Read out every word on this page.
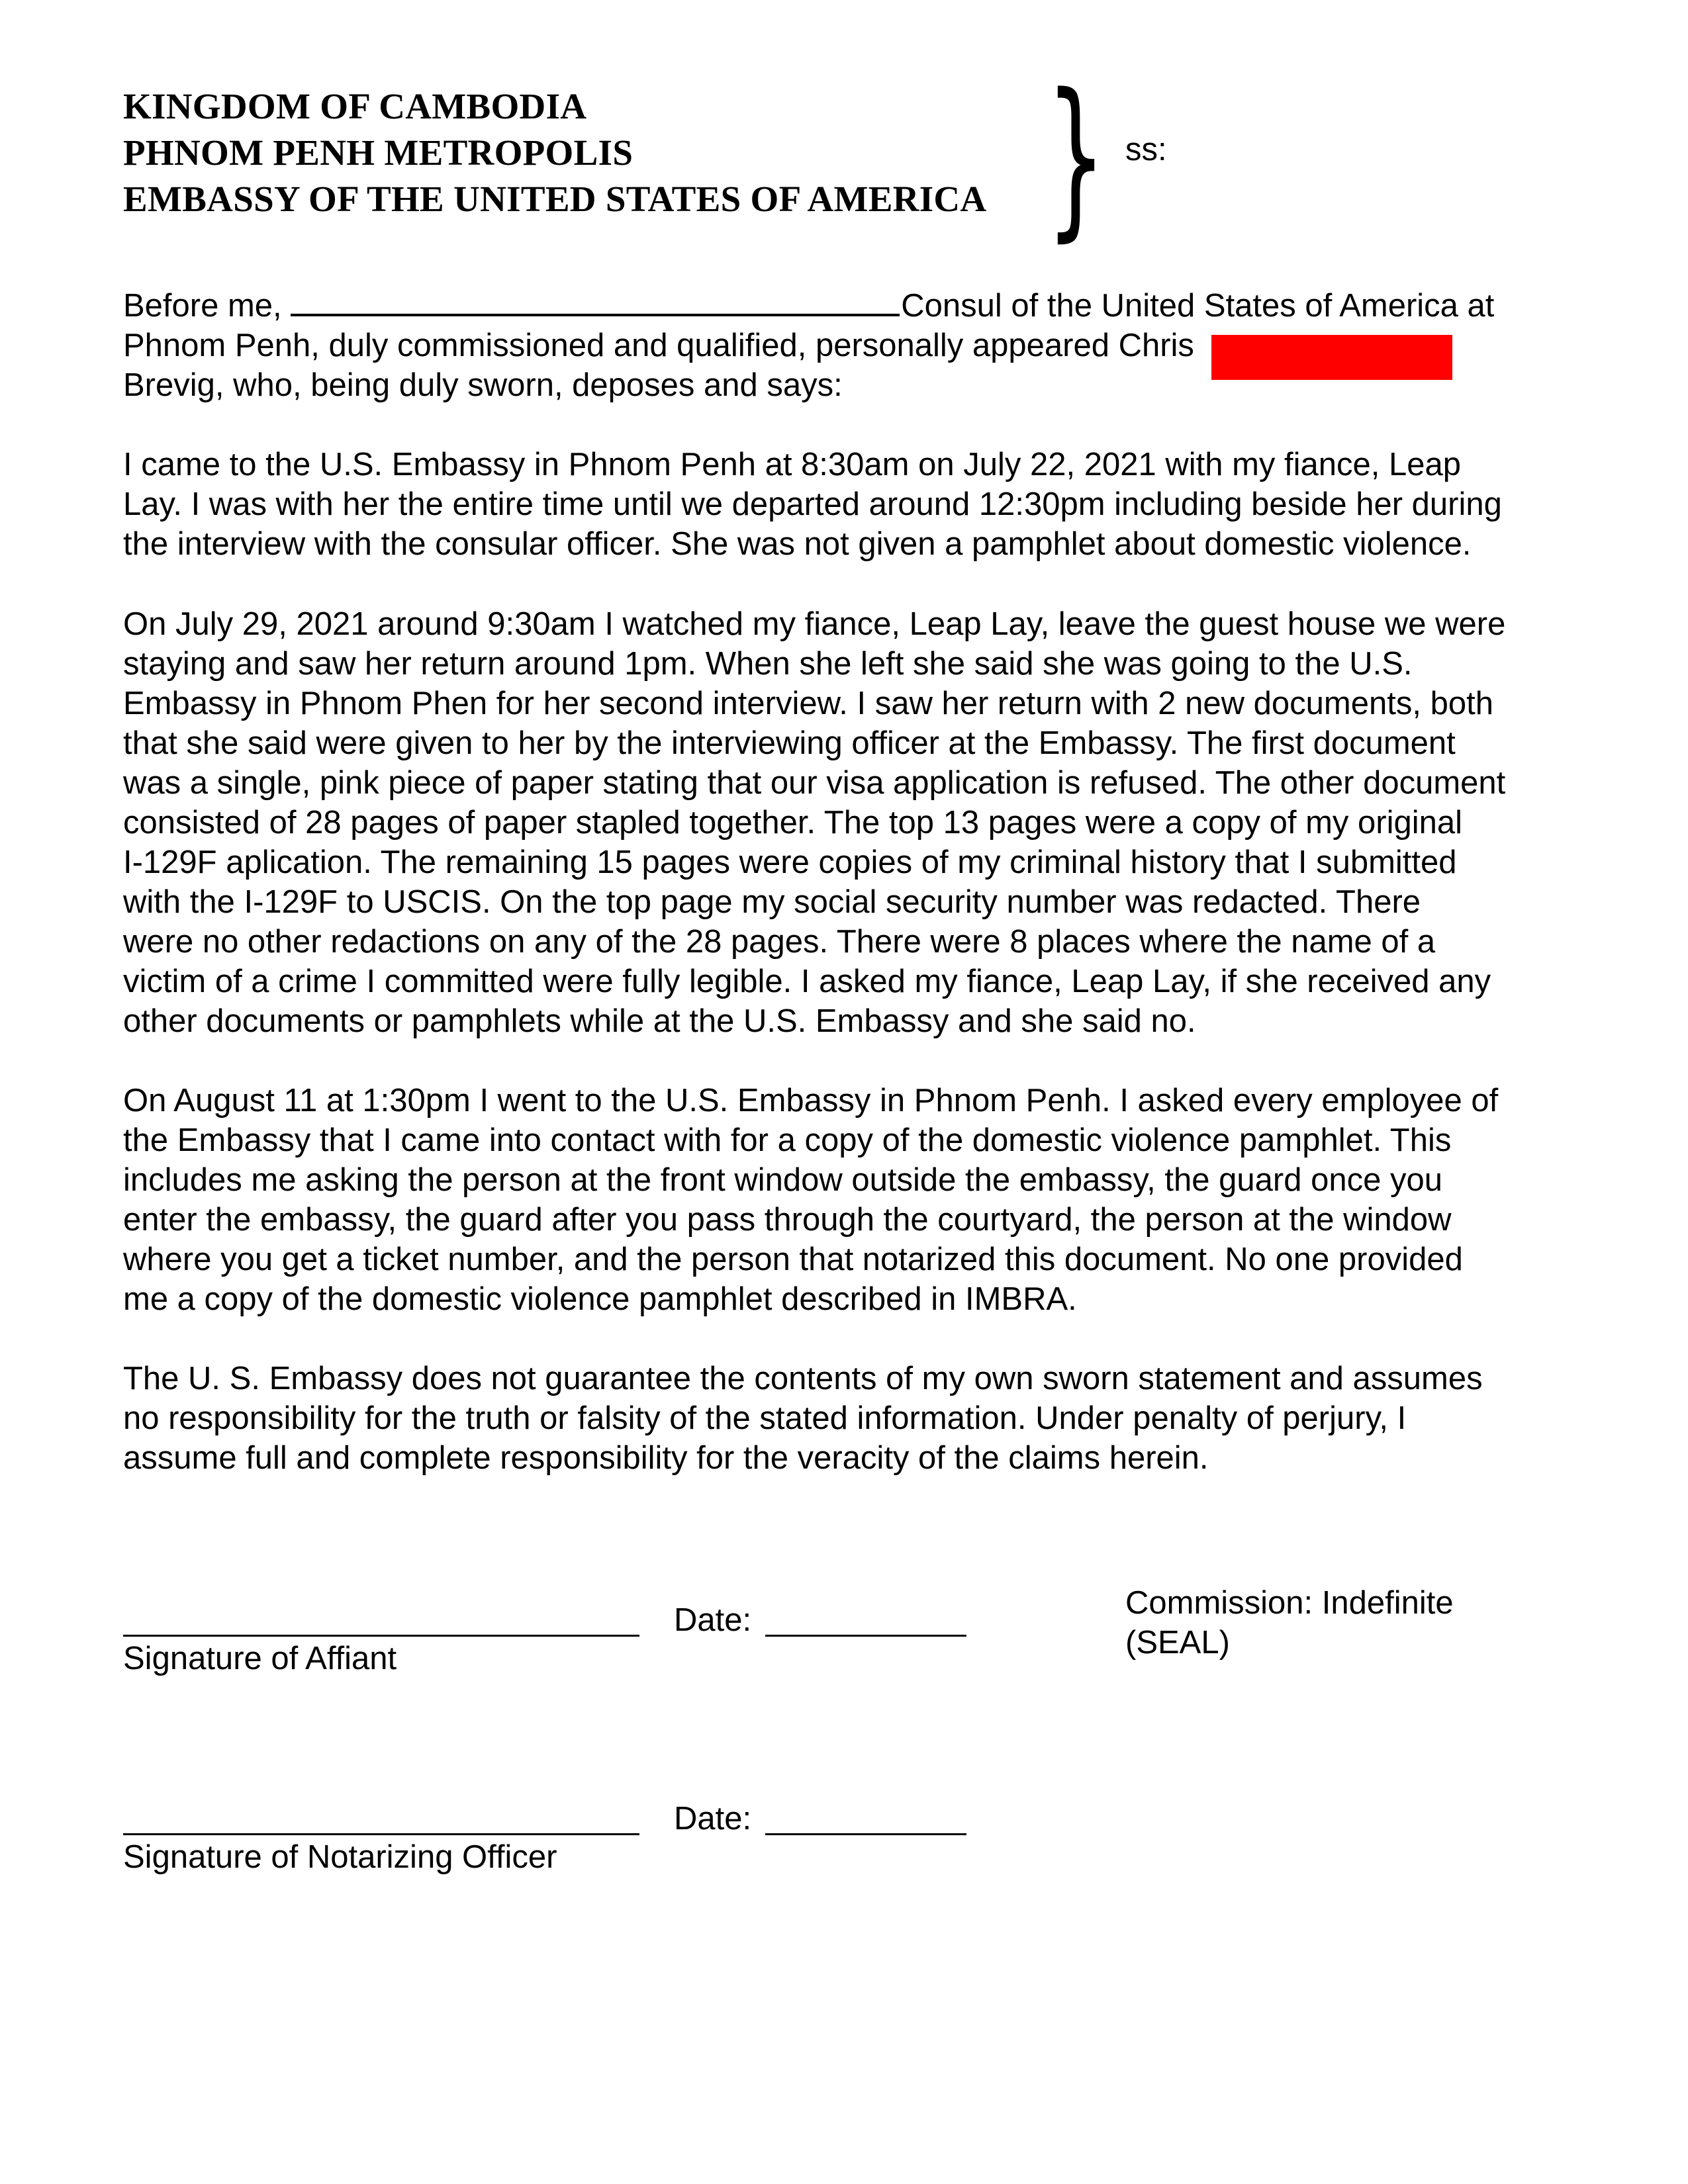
KINGDOM OF CAMBODIA
PHNOM PENH METROPOLIS
EMBASSY OF THE UNITED STATES OF AMERICA } ss:
Before me,	Consul of the United States of America at
Phnom Penh, duly commissioned and qualified, personally appeared Chris
Brevig, who, being duly sworn, deposes and says:
I came to the U.S. Embassy in Phnom Penh at 8:30am on July 22, 2021 with my fiance, Leap
Lay. I was with her the entire time until we departed around 12:30pm including beside her during
the interview with the consular officer. She was not given a pamphlet about domestic violence.
On July 29, 2021 around 9:30am I watched my fiance, Leap Lay, leave the guest house we were
staying and saw her return around 1pm. When she left she said she was going to the U.S.
Embassy in Phnom Phen for her second interview. I saw her return with 2 new documents, both
that she said were given to her by the interviewing officer at the Embassy. The first document
was a single, pink piece of paper stating that our visa application is refused. The other document
consisted of 28 pages of paper stapled together. The top 13 pages were a copy of my original
I-129F aplication. The remaining 15 pages were copies of my criminal history that I submitted
with the I-129F to USCIS. On the top page my social security number was redacted. There
were no other redactions on any of the 28 pages. There were 8 places where the name of a
victim of a crime I committed were fully legible. I asked my fiance, Leap Lay, if she received any
other documents or pamphlets while at the U.S. Embassy and she said no.
On August 11 at 1:30pm I went to the U.S. Embassy in Phnom Penh. I asked every employee of
the Embassy that I came into contact with for a copy of the domestic violence pamphlet. This
includes me asking the person at the front window outside the embassy, the guard once you
enter the embassy, the guard after you pass through the courtyard, the person at the window
where you get a ticket number, and the person that notarized this document. No one provided
me a copy of the domestic violence pamphlet described in IMBRA.
The U. S. Embassy does not guarantee the contents of my own sworn statement and assumes
no responsibility for the truth or falsity of the stated information. Under penalty of perjury, I
assume full and complete responsibility for the veracity of the claims herein.
Signature of Affiant
Date:	Commission: Indefinite
(SEAL)
Signature of Notarizing Officer
Date:
